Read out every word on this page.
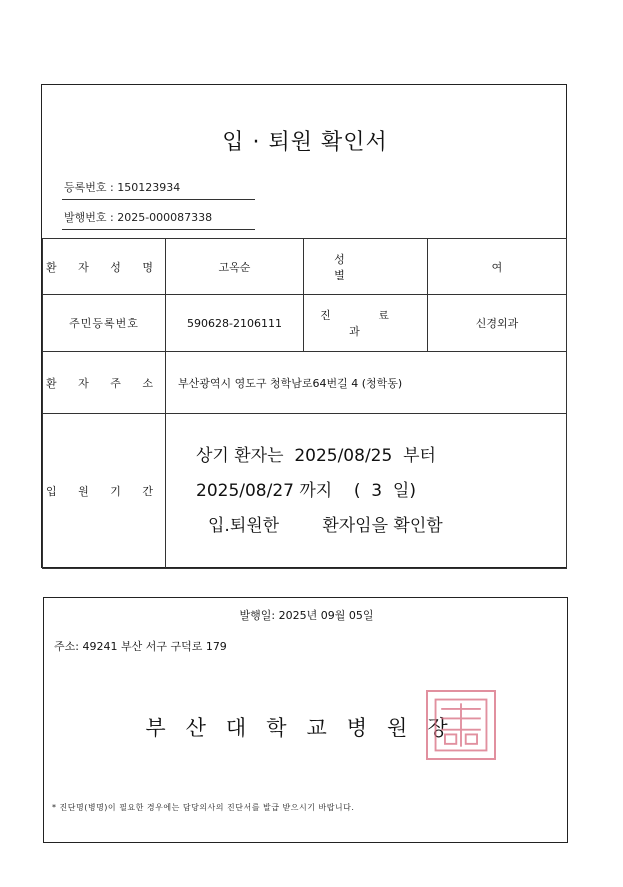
입 · 퇴원 확인서
등록번호 : 150123934
발행번호 : 2025-000087338
환 자 성 명	고옥순	성 별	여
주민등록번호	590628-2106111	진 료 과	신경외과
환 자 주 소	부산광역시 영도구 청학남로64번길 4 (청학동)		
입 원 기 간	상기 환자는  2025/08/25  부터
2025/08/27 까지    (  3  일)
입.퇴원한        환자임을 확인함		
발행일: 2025년 09월 05일
주소: 49241 부산 서구 구덕로 179
부산대학교병원장
* 진단명(병명)이 필요한 경우에는 담당의사의 진단서를 발급 받으시기 바랍니다.
